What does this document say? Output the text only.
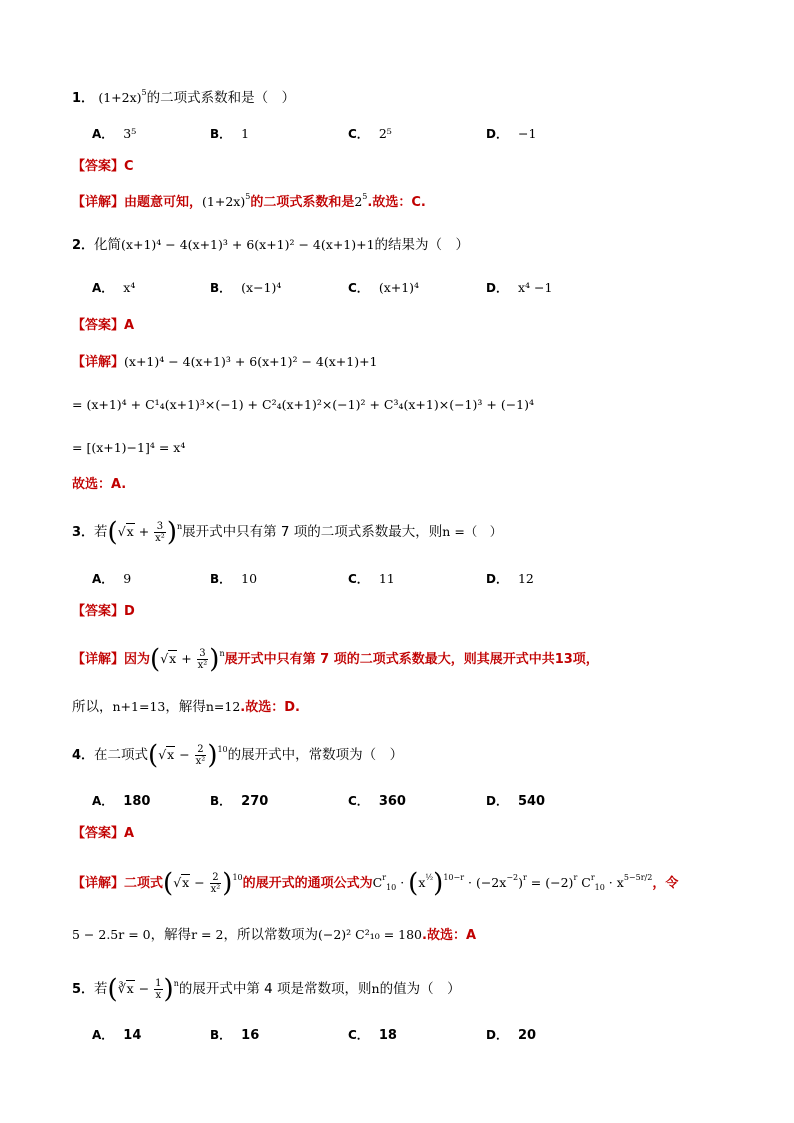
1． $(1+2x)^5$的二项式系数和是（　）
A． 3⁵	B． 1	C． 2⁵	D． −1
【答案】C
【详解】由题意可知，$(1+2x)^5$的二项式系数和是$2^5$.故选：C.
2．化简(x+1)⁴ − 4(x+1)³ + 6(x+1)² − 4(x+1)+1的结果为（　）
A． x⁴	B． (x−1)⁴	C． (x+1)⁴	D． x⁴ −1
【答案】A
【详解】(x+1)⁴ − 4(x+1)³ + 6(x+1)² − 4(x+1)+1
= (x+1)⁴ + C¹₄(x+1)³×(−1) + C²₄(x+1)²×(−1)² + C³₄(x+1)×(−1)³ + (−1)⁴
= [(x+1)−1]⁴ = x⁴
故选：A.
3．若$(√x + \frac{3}{\text{x²}} )^n$展开式中只有第 7 项的二项式系数最大，则n =（　）
A． 9	B． 10	C． 11	D． 12
【答案】D
【详解】因为$(√x + \frac{3}{\text{x²}} )^n$展开式中只有第 7 项的二项式系数最大，则其展开式中共13项，
所以，n+1=13，解得n=12.故选：D.
4．在二项式$(√x - \frac{2}{\text{x²}} )^{10}$的展开式中，常数项为（　）
A． 180	B． 270	C． 360	D． 540
【答案】A
【详解】二项式$(√x - \frac{2}{\text{x²}} )^{10}$的展开式的通项公式为$C^r_{10} \cdot (x^{\frac{1}{2}})^{10-r} \cdot (-2x^{-2})^r = (-2)^r$ $C^r_{10} \cdot x^{5-5r/2}$，令
5 − 2.5r = 0，解得r = 2，所以常数项为(−2)² C²₁₀ = 180.故选：A
5．若(∛x − $\frac{1}{x} )^n$的展开式中第 4 项是常数项，则n的值为（　）
A． 14	B． 16	C． 18	D． 20
